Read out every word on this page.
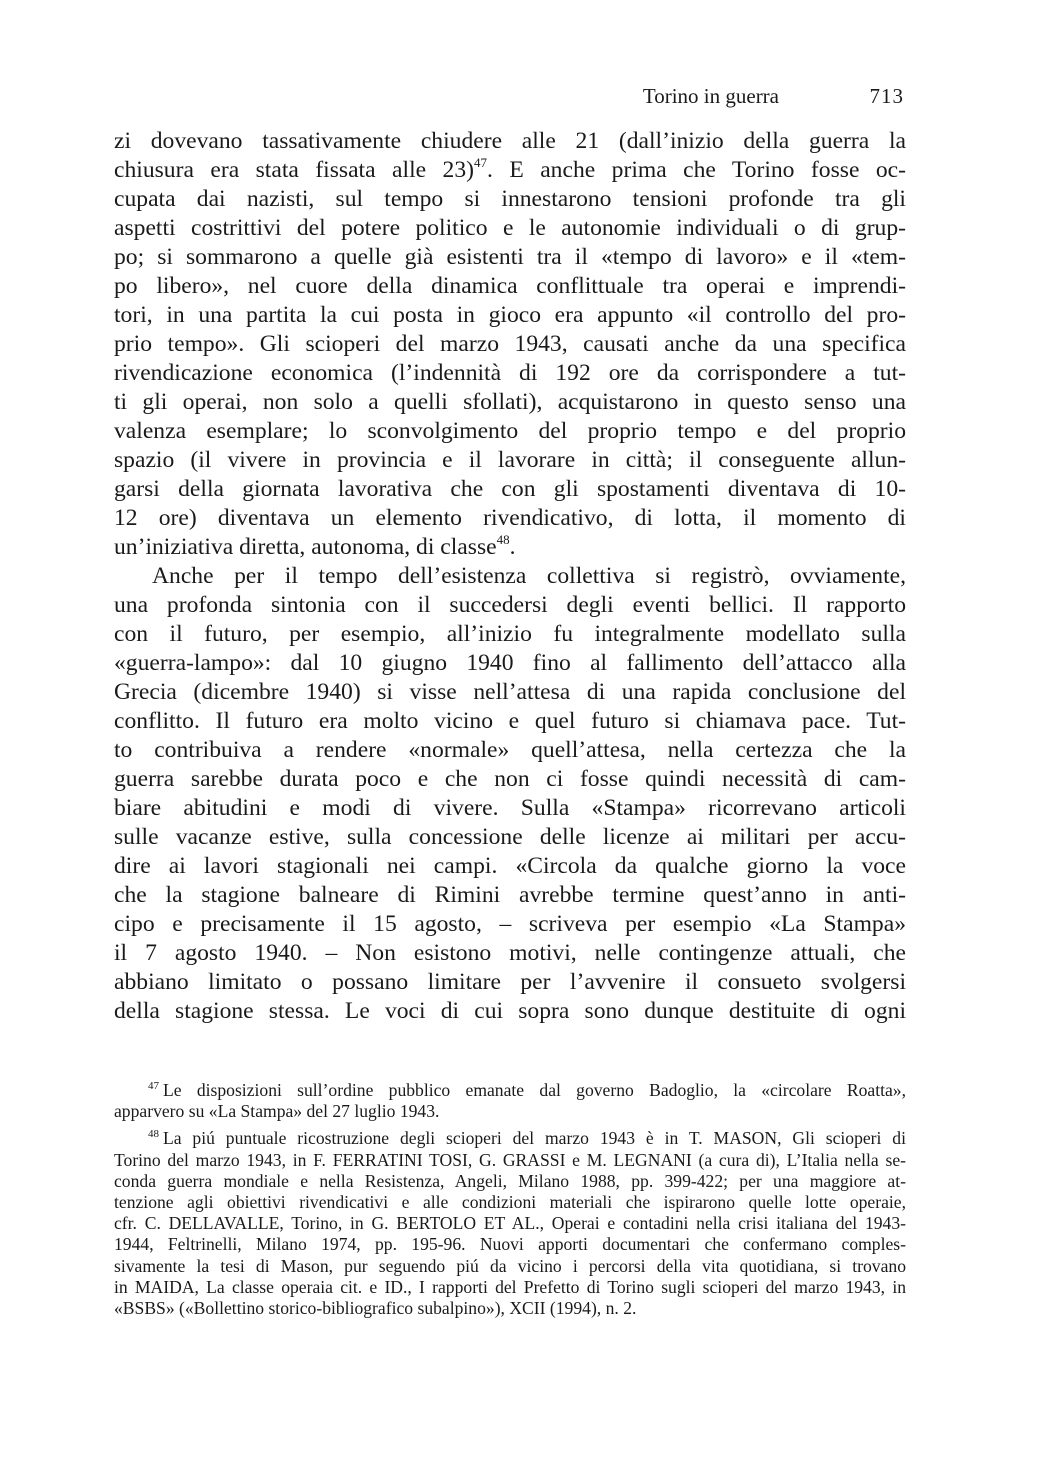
Torino in guerra	713
zi dovevano tassativamente chiudere alle 21 (dall’inizio della guerra la
chiusura era stata fissata alle 23)$^{47}$. E anche prima che Torino fosse oc-
cupata dai nazisti, sul tempo si innestarono tensioni profonde tra gli
aspetti costrittivi del potere politico e le autonomie individuali o di grup-
po; si sommarono a quelle già esistenti tra il «tempo di lavoro» e il «tem-
po libero», nel cuore della dinamica conflittuale tra operai e imprendi-
tori, in una partita la cui posta in gioco era appunto «il controllo del pro-
prio tempo». Gli scioperi del marzo 1943, causati anche da una specifica
rivendicazione economica (l’indennità di 192 ore da corrispondere a tut-
ti gli operai, non solo a quelli sfollati), acquistarono in questo senso una
valenza esemplare; lo sconvolgimento del proprio tempo e del proprio
spazio (il vivere in provincia e il lavorare in città; il conseguente allun-
garsi della giornata lavorativa che con gli spostamenti diventava di 10-
12 ore) diventava un elemento rivendicativo, di lotta, il momento di
un’iniziativa diretta, autonoma, di classe$^{48}$.
Anche per il tempo dell’esistenza collettiva si registrò, ovviamente,
una profonda sintonia con il succedersi degli eventi bellici. Il rapporto
con il futuro, per esempio, all’inizio fu integralmente modellato sulla
«guerra-lampo»: dal 10 giugno 1940 fino al fallimento dell’attacco alla
Grecia (dicembre 1940) si visse nell’attesa di una rapida conclusione del
conflitto. Il futuro era molto vicino e quel futuro si chiamava pace. Tut-
to contribuiva a rendere «normale» quell’attesa, nella certezza che la
guerra sarebbe durata poco e che non ci fosse quindi necessità di cam-
biare abitudini e modi di vivere. Sulla «Stampa» ricorrevano articoli
sulle vacanze estive, sulla concessione delle licenze ai militari per accu-
dire ai lavori stagionali nei campi. «Circola da qualche giorno la voce
che la stagione balneare di Rimini avrebbe termine quest’anno in anti-
cipo e precisamente il 15 agosto, – scriveva per esempio «La Stampa»
il 7 agosto 1940. – Non esistono motivi, nelle contingenze attuali, che
abbiano limitato o possano limitare per l’avvenire il consueto svolgersi
della stagione stessa. Le voci di cui sopra sono dunque destituite di ogni
$^{47}$ Le disposizioni sull’ordine pubblico emanate dal governo Badoglio, la «circolare Roatta»,
apparvero su «La Stampa» del 27 luglio 1943.
$^{48}$ La piú puntuale ricostruzione degli scioperi del marzo 1943 è in T. MASON, Gli scioperi di
Torino del marzo 1943, in F. FERRATINI TOSI, G. GRASSI e M. LEGNANI (a cura di), L’Italia nella se-
conda guerra mondiale e nella Resistenza, Angeli, Milano 1988, pp. 399-422; per una maggiore at-
tenzione agli obiettivi rivendicativi e alle condizioni materiali che ispirarono quelle lotte operaie,
cfr. C. DELLAVALLE, Torino, in G. BERTOLO ET AL., Operai e contadini nella crisi italiana del 1943-
1944, Feltrinelli, Milano 1974, pp. 195-96. Nuovi apporti documentari che confermano comples-
sivamente la tesi di Mason, pur seguendo piú da vicino i percorsi della vita quotidiana, si trovano
in MAIDA, La classe operaia cit. e ID., I rapporti del Prefetto di Torino sugli scioperi del marzo 1943, in
«BSBS» («Bollettino storico-bibliografico subalpino»), XCII (1994), n. 2.
